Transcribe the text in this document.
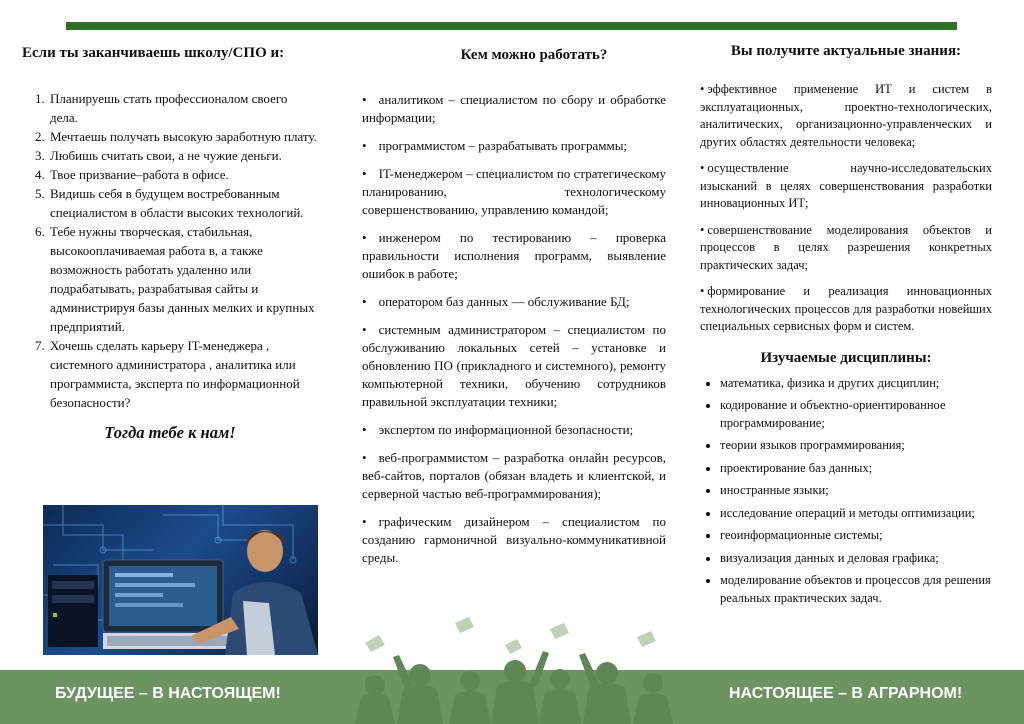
Если ты заканчиваешь школу/СПО и:
1. Планируешь стать профессионалом своего дела.
2. Мечтаешь получать высокую заработную плату.
3. Любишь считать свои, а не чужие деньги.
4. Твое призвание–работа в офисе.
5. Видишь себя в будущем востребованным специалистом в области высоких технологий.
6. Тебе нужны творческая, стабильная, высокооплачиваемая работа в, а также возможность работать удаленно или подрабатывать, разрабатывая сайты и администрируя базы данных мелких и крупных предприятий.
7. Хочешь сделать карьеру IT-менеджера , системного администратора , аналитика или программиста, эксперта по информационной безопасности?
Тогда тебе к нам!
Кем можно работать?
• аналитиком – специалистом по сбору и обработке информации;
• программистом – разрабатывать программы;
• IT-менеджером – специалистом по стратегическому планированию, технологическому совершенствованию, управлению командой;
• инженером по тестированию – проверка правильности исполнения программ, выявление ошибок в работе;
• оператором баз данных — обслуживание БД;
• системным администратором – специалистом по обслуживанию локальных сетей – установке и обновлению ПО (прикладного и системного), ремонту компьютерной техники, обучению сотрудников правильной эксплуатации техники;
• экспертом по информационной безопасности;
• веб-программистом – разработка онлайн ресурсов, веб-сайтов, порталов (обязан владеть и клиентской, и серверной частью веб-программирования);
• графическим дизайнером – специалистом по созданию гармоничной визуально-коммуникативной среды.
Вы получите актуальные знания:
• эффективное применение ИТ и систем в эксплуатационных, проектно-технологических, аналитических, организационно-управленческих и других областях деятельности человека;
• осуществление научно-исследовательских изысканий в целях совершенствования разработки инновационных ИТ;
• совершенствование моделирования объектов и процессов в целях разрешения конкретных практических задач;
• формирование и реализация инновационных технологических процессов для разработки новейших специальных сервисных форм и систем.
Изучаемые дисциплины:
• математика, физика и других дисциплин;
• кодирование и объектно-ориентированное программирование;
• теории языков программирования;
• проектирование баз данных;
• иностранные языки;
• исследование операций и методы оптимизации;
• геоинформационные системы;
• визуализация данных и деловая графика;
• моделирование объектов и процессов для решения реальных практических задач.
БУДУЩЕЕ – В НАСТОЯЩЕМ!	НАСТОЯЩЕЕ – В АГРАРНОМ!
